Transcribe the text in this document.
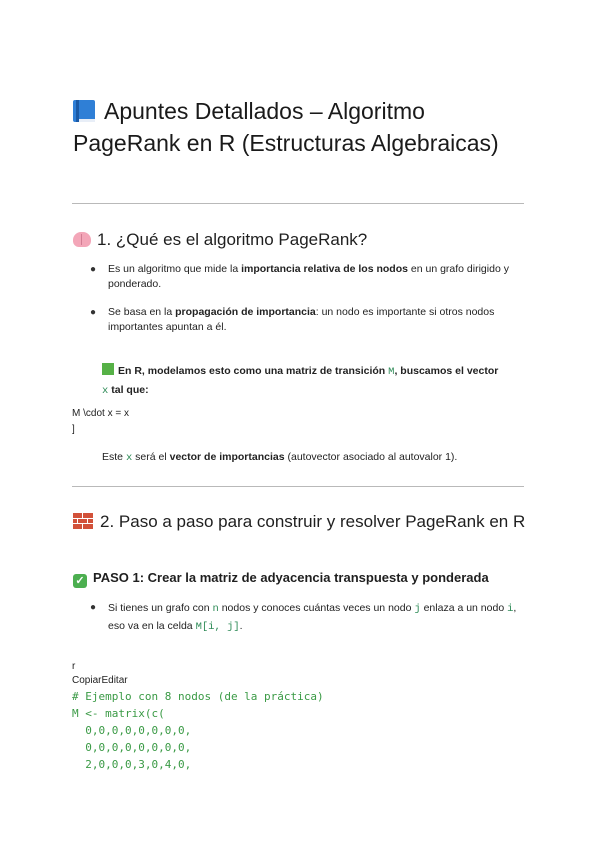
Apuntes Detallados – Algoritmo PageRank en R (Estructuras Algebraicas)
1. ¿Qué es el algoritmo PageRank?
● Es un algoritmo que mide la importancia relativa de los nodos en un grafo dirigido y ponderado.
● Se basa en la propagación de importancia: un nodo es importante si otros nodos importantes apuntan a él.
En R, modelamos esto como una matriz de transición M, buscamos el vector x tal que:
M \cdot x = x
]
Este x será el vector de importancias (autovector asociado al autovalor 1).
2. Paso a paso para construir y resolver PageRank en R
✓ PASO 1: Crear la matriz de adyacencia transpuesta y ponderada
● Si tienes un grafo con n nodos y conoces cuántas veces un nodo j enlaza a un nodo i, eso va en la celda M[i, j].
r
CopiarEditar
# Ejemplo con 8 nodos (de la práctica)
M <- matrix(c(
0,0,0,0,0,0,0,0,
0,0,0,0,0,0,0,0,
2,0,0,0,3,0,4,0,
